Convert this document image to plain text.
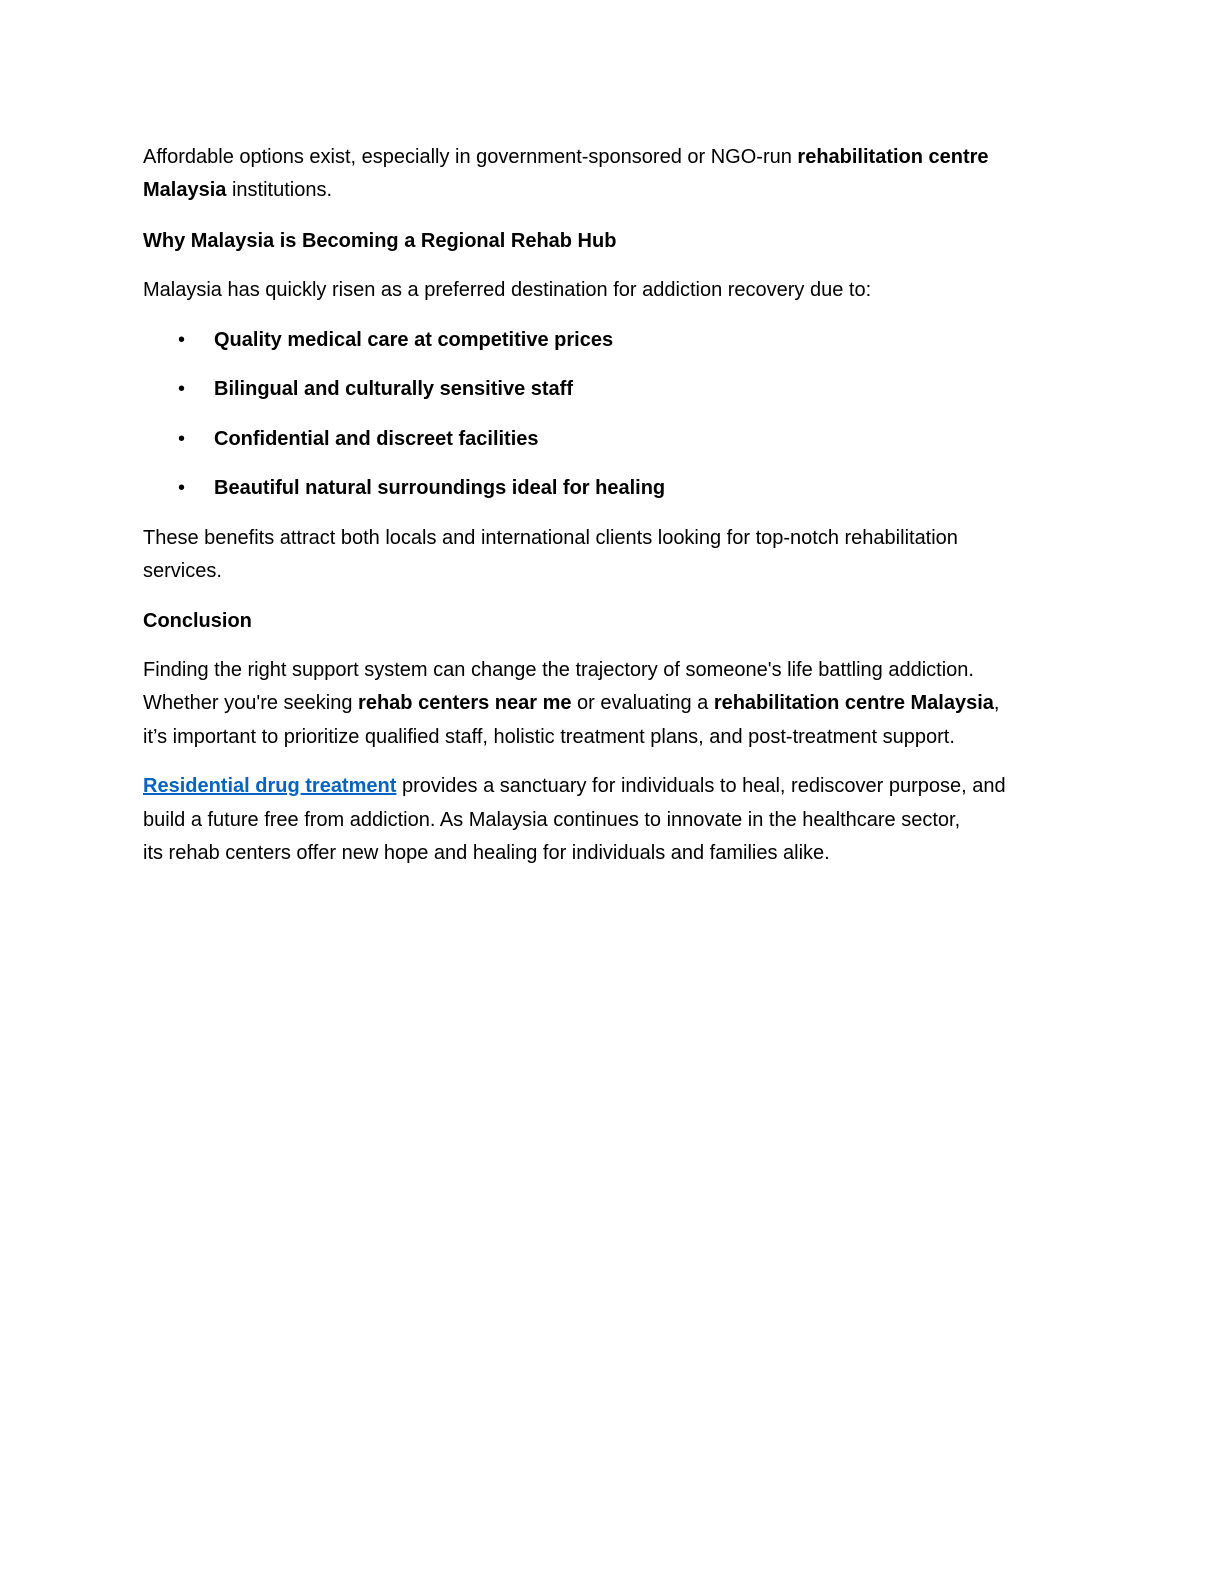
Affordable options exist, especially in government-sponsored or NGO-run rehabilitation centre
Malaysia institutions.
Why Malaysia is Becoming a Regional Rehab Hub
Malaysia has quickly risen as a preferred destination for addiction recovery due to:
• Quality medical care at competitive prices
• Bilingual and culturally sensitive staff
• Confidential and discreet facilities
• Beautiful natural surroundings ideal for healing
These benefits attract both locals and international clients looking for top-notch rehabilitation
services.
Conclusion
Finding the right support system can change the trajectory of someone's life battling addiction.
Whether you're seeking rehab centers near me or evaluating a rehabilitation centre Malaysia,
it’s important to prioritize qualified staff, holistic treatment plans, and post-treatment support.
Residential drug treatment provides a sanctuary for individuals to heal, rediscover purpose, and
build a future free from addiction. As Malaysia continues to innovate in the healthcare sector,
its rehab centers offer new hope and healing for individuals and families alike.
